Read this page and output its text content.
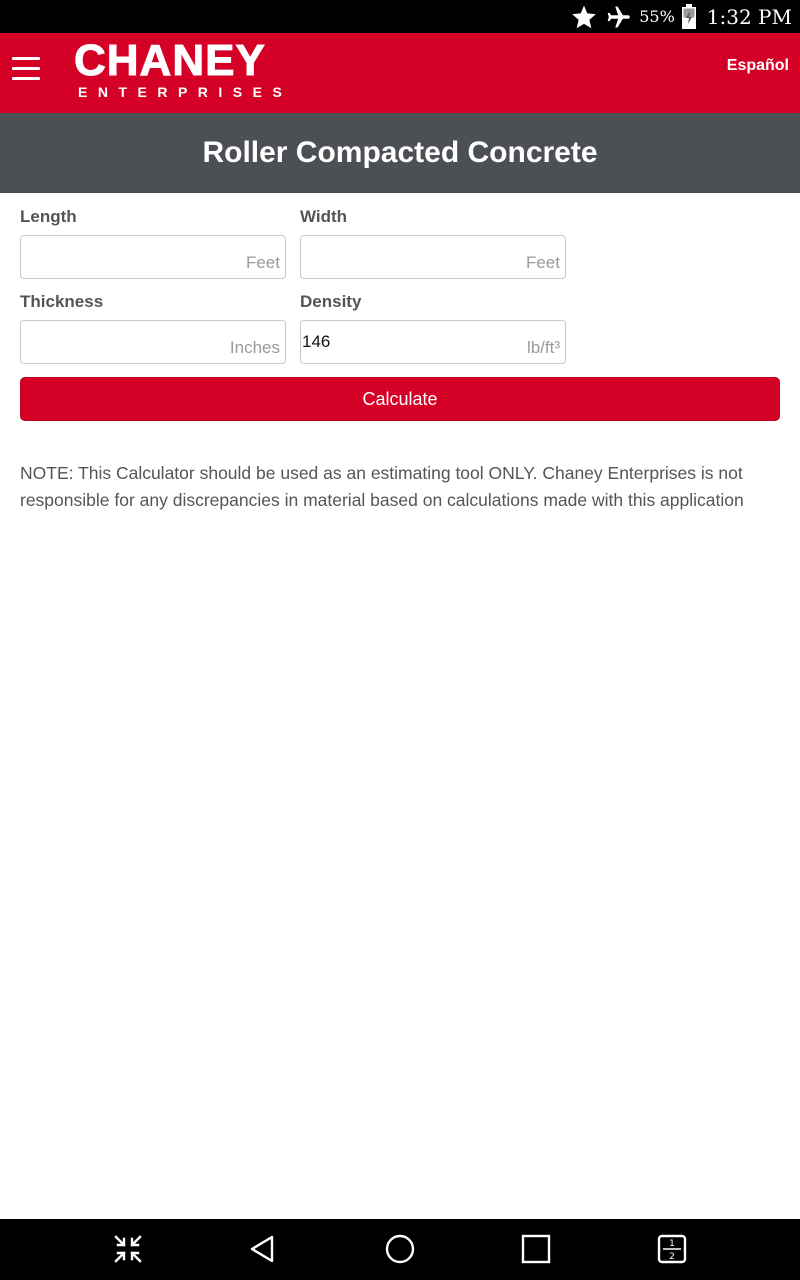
55% 1:32 PM
CHANEY
ENTERPRISES
Español
Roller Compacted Concrete
Length
Feet
Width
Feet
Thickness
Inches
Density
146	lb/ft³
Calculate

NOTE: This Calculator should be used as an estimating tool ONLY. Chaney Enterprises is not responsible for any discrepancies in material based on calculations made with this application

1
2
